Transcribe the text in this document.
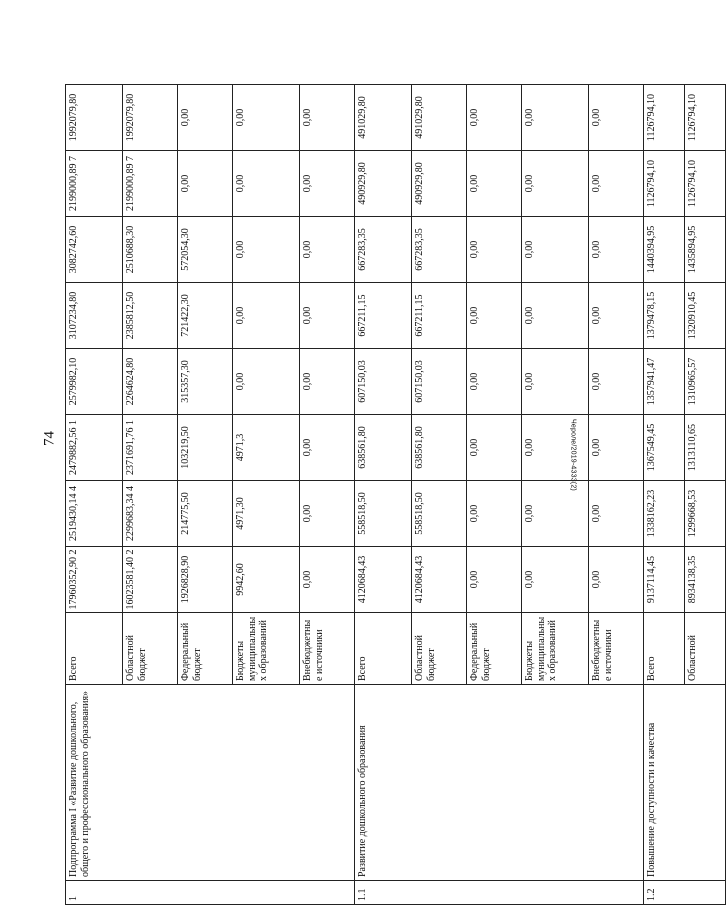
74	Чероле/2019-4333(2)
1	Подпрограмма I «Развитие дошкольного, общего и профессионального образования»	Всего	17960352,90 2	2519430,14 4	2479882,56 1	2579982,10	3107234,80	3082742,60	2199000,89 7	1992079,80
		Областной бюджет	16023581,40 2	2299683,34 4	2371691,76 1	2264624,80	2385812,50	2510688,30	2199000,89 7	1992079,80
		Федеральный бюджет	1926828,90	214775,50	103219,50	315357,30	721422,30	572054,30	0,00	0,00
		Бюджеты муниципальны х образований	9942,60	4971,30	4971,3	0,00	0,00	0,00	0,00	0,00
		Внебюджетные источники	0,00	0,00	0,00	0,00	0,00	0,00	0,00	0,00
1.1	Развитие дошкольного образования	Всего	4120684,43	558518,50	638561,80	607150,03	667211,15	667283,35	490929,80	491029,80
		Областной бюджет	4120684,43	558518,50	638561,80	607150,03	667211,15	667283,35	490929,80	491029,80
		Федеральный бюджет	0,00	0,00	0,00	0,00	0,00	0,00	0,00	0,00
		Бюджеты муниципальны х образований	0,00	0,00	0,00	0,00	0,00	0,00	0,00	0,00
		Внебюджетные источники	0,00	0,00	0,00	0,00	0,00	0,00	0,00	0,00
1.2	Повышение доступности и качества	Всего	9137114,45	1338162,23	1367549,45	1357941,47	1379478,15	1440394,95	1126794,10	1126794,10
		Областной	8934138,35	1299668,53	1313110,65	1310965,57	1320910,45	1435894,95	1126794,10	1126794,10
